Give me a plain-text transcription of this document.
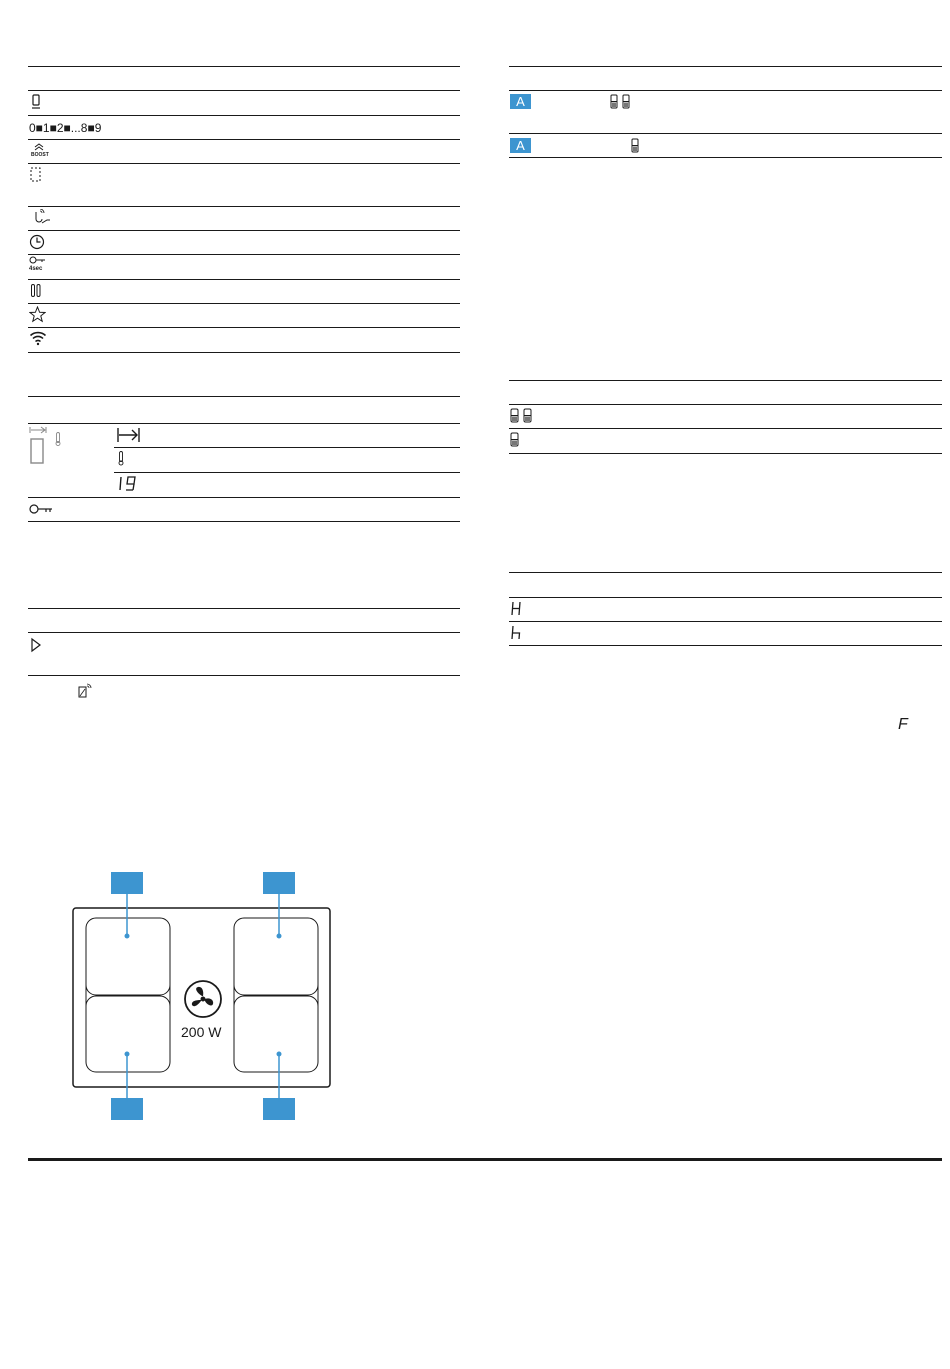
0■1■2■...8■9
BOOST
4sec
A
A
F
200 W
